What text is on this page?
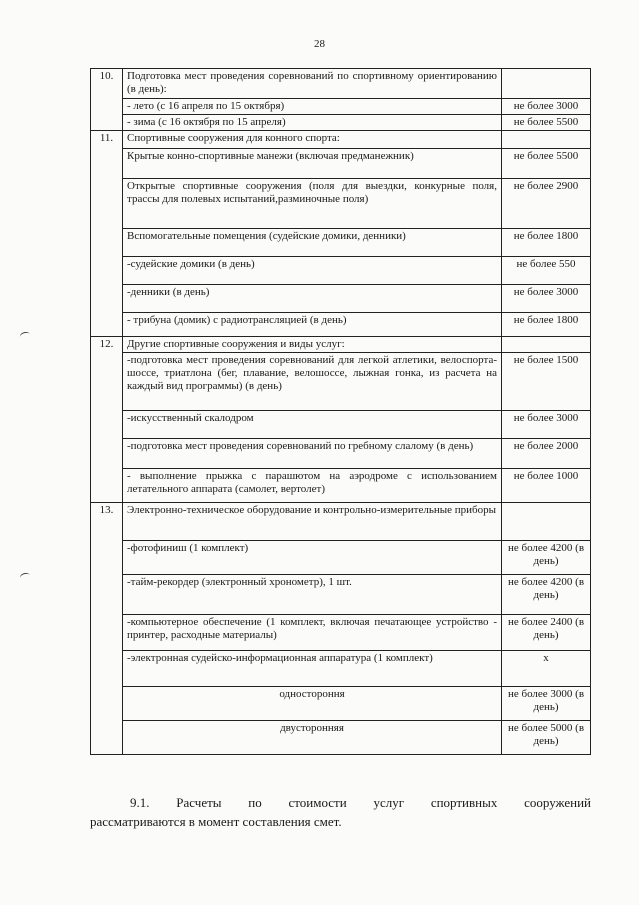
28
10.	Подготовка мест проведения соревнований по спортивному ориентированию (в день):	
	- лето (с 16 апреля по 15 октября)	не более 3000
	- зима (с 16 октября по 15 апреля)	не более 5500
11.	Спортивные сооружения для конного спорта:	
	Крытые конно-спортивные манежи (включая предманежник)	не более 5500
	Открытые спортивные сооружения (поля для выездки, конкурные поля, трассы для полевых испытаний,разминочные поля)	не более 2900
	Вспомогательные помещения (судейские домики, денники)	не более 1800
	-судейские домики (в день)	не более 550
	-денники (в день)	не более 3000
	- трибуна (домик) с радиотрансляцией (в день)	не более 1800
12.	Другие спортивные сооружения и виды услуг:	
	-подготовка мест проведения соревнований для легкой атлетики, велоспорта-шоссе, триатлона (бег, плавание, велошоссе, лыжная гонка, из расчета на каждый вид программы) (в день)	не более 1500
	-искусственный скалодром	не более 3000
	-подготовка мест проведения соревнований по гребному слалому (в день)	не более 2000
	- выполнение прыжка с парашютом на аэродроме с использованием летательного аппарата (самолет, вертолет)	не более 1000
13.	Электронно-техническое оборудование и контрольно-измерительные приборы	
	-фотофиниш (1 комплект)	не более 4200 (в день)
	-тайм-рекордер (электронный хронометр), 1 шт.	не более 4200 (в день)
	-компьютерное обеспечение (1 комплект, включая печатающее устройство - принтер, расходные материалы)	не более 2400 (в день)
	-электронная судейско-информационная аппаратура (1 комплект)	х
	одностороння	не более 3000 (в день)
	двусторонняя	не более 5000 (в день)
9.1. Расчеты по стоимости услуг спортивных сооружений
рассматриваются в момент составления смет.
